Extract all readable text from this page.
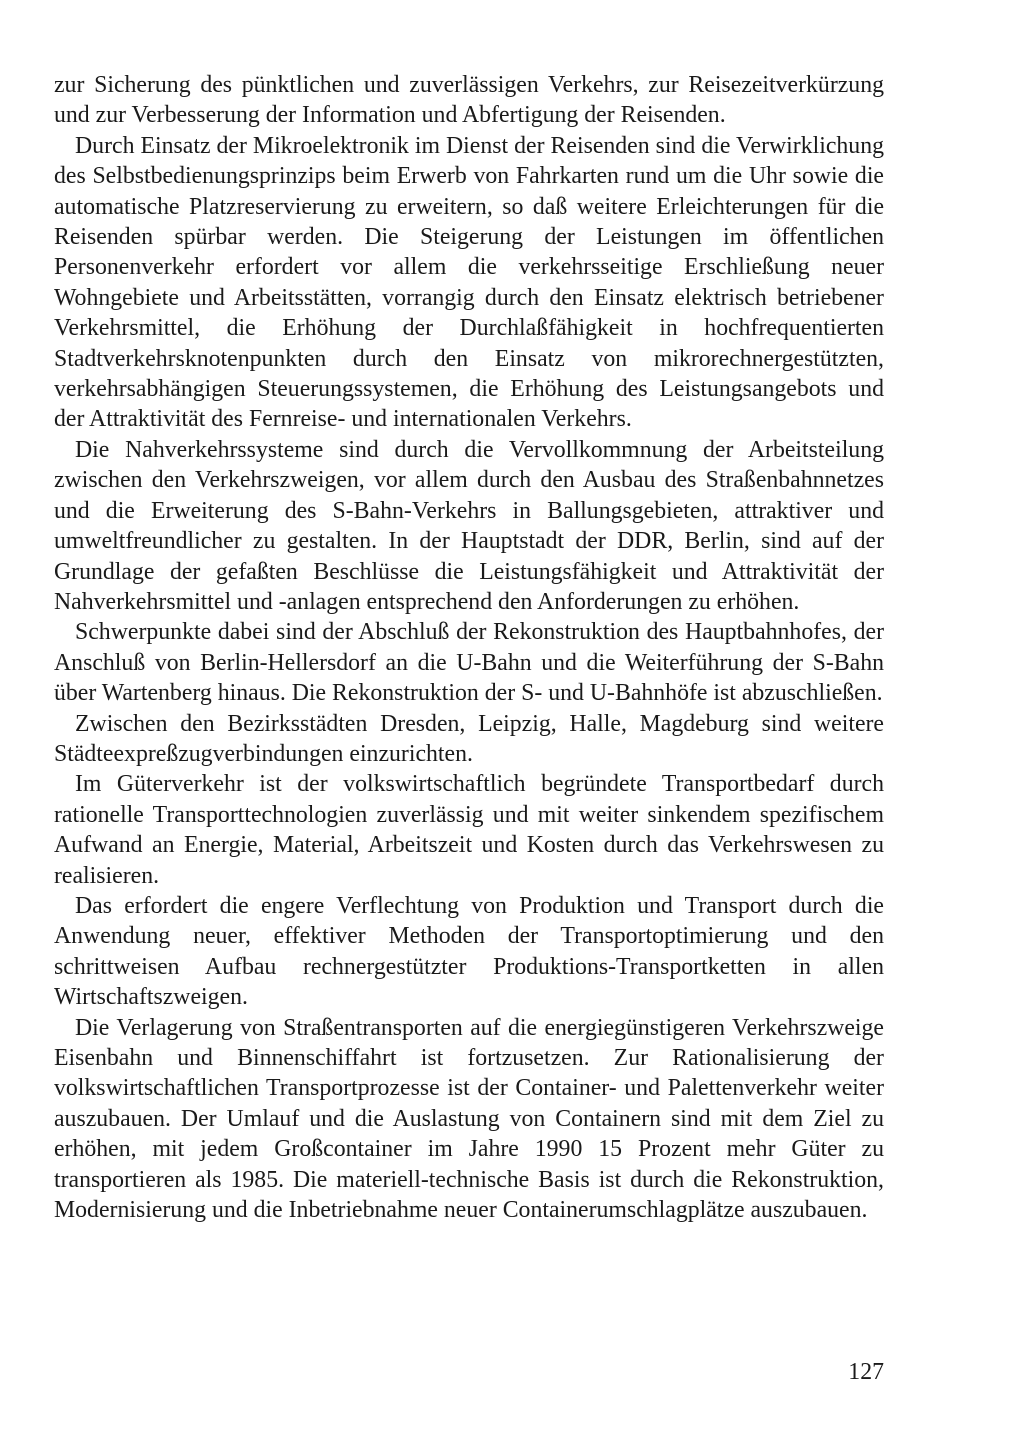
zur Sicherung des pünktlichen und zuverlässigen Verkehrs, zur Reisezeitverkürzung und zur Verbesserung der Information und Abfertigung der Reisenden.

Durch Einsatz der Mikroelektronik im Dienst der Reisenden sind die Verwirklichung des Selbstbedienungsprinzips beim Erwerb von Fahrkarten rund um die Uhr sowie die automatische Platzreservierung zu erweitern, so daß weitere Erleichterungen für die Reisenden spürbar werden. Die Steigerung der Leistungen im öffentlichen Personenverkehr erfordert vor allem die verkehrsseitige Erschließung neuer Wohngebiete und Arbeitsstätten, vorrangig durch den Einsatz elektrisch betriebener Verkehrsmittel, die Erhöhung der Durchlaßfähigkeit in hochfrequentierten Stadtverkehrsknotenpunkten durch den Einsatz von mikrorechnergestützten, verkehrsabhängigen Steuerungssystemen, die Erhöhung des Leistungsangebots und der Attraktivität des Fernreise- und internationalen Verkehrs.

Die Nahverkehrssysteme sind durch die Vervollkommnung der Arbeitsteilung zwischen den Verkehrszweigen, vor allem durch den Ausbau des Straßenbahnnetzes und die Erweiterung des S-Bahn-Verkehrs in Ballungsgebieten, attraktiver und umweltfreundlicher zu gestalten. In der Hauptstadt der DDR, Berlin, sind auf der Grundlage der gefaßten Beschlüsse die Leistungsfähigkeit und Attraktivität der Nahverkehrsmittel und -anlagen entsprechend den Anforderungen zu erhöhen.

Schwerpunkte dabei sind der Abschluß der Rekonstruktion des Hauptbahnhofes, der Anschluß von Berlin-Hellersdorf an die U-Bahn und die Weiterführung der S-Bahn über Wartenberg hinaus. Die Rekonstruktion der S- und U-Bahnhöfe ist abzuschließen.

Zwischen den Bezirksstädten Dresden, Leipzig, Halle, Magdeburg sind weitere Städteexpreßzugverbindungen einzurichten.

Im Güterverkehr ist der volkswirtschaftlich begründete Transportbedarf durch rationelle Transporttechnologien zuverlässig und mit weiter sinkendem spezifischem Aufwand an Energie, Material, Arbeitszeit und Kosten durch das Verkehrswesen zu realisieren.

Das erfordert die engere Verflechtung von Produktion und Transport durch die Anwendung neuer, effektiver Methoden der Transportoptimierung und den schrittweisen Aufbau rechnergestützter Produktions-Transportketten in allen Wirtschaftszweigen.

Die Verlagerung von Straßentransporten auf die energiegünstigeren Verkehrszweige Eisenbahn und Binnenschiffahrt ist fortzusetzen. Zur Rationalisierung der volkswirtschaftlichen Transportprozesse ist der Container- und Palettenverkehr weiter auszubauen. Der Umlauf und die Auslastung von Containern sind mit dem Ziel zu erhöhen, mit jedem Großcontainer im Jahre 1990 15 Prozent mehr Güter zu transportieren als 1985. Die materiell-technische Basis ist durch die Rekonstruktion, Modernisierung und die Inbetriebnahme neuer Containerumschlagplätze auszubauen.

127
